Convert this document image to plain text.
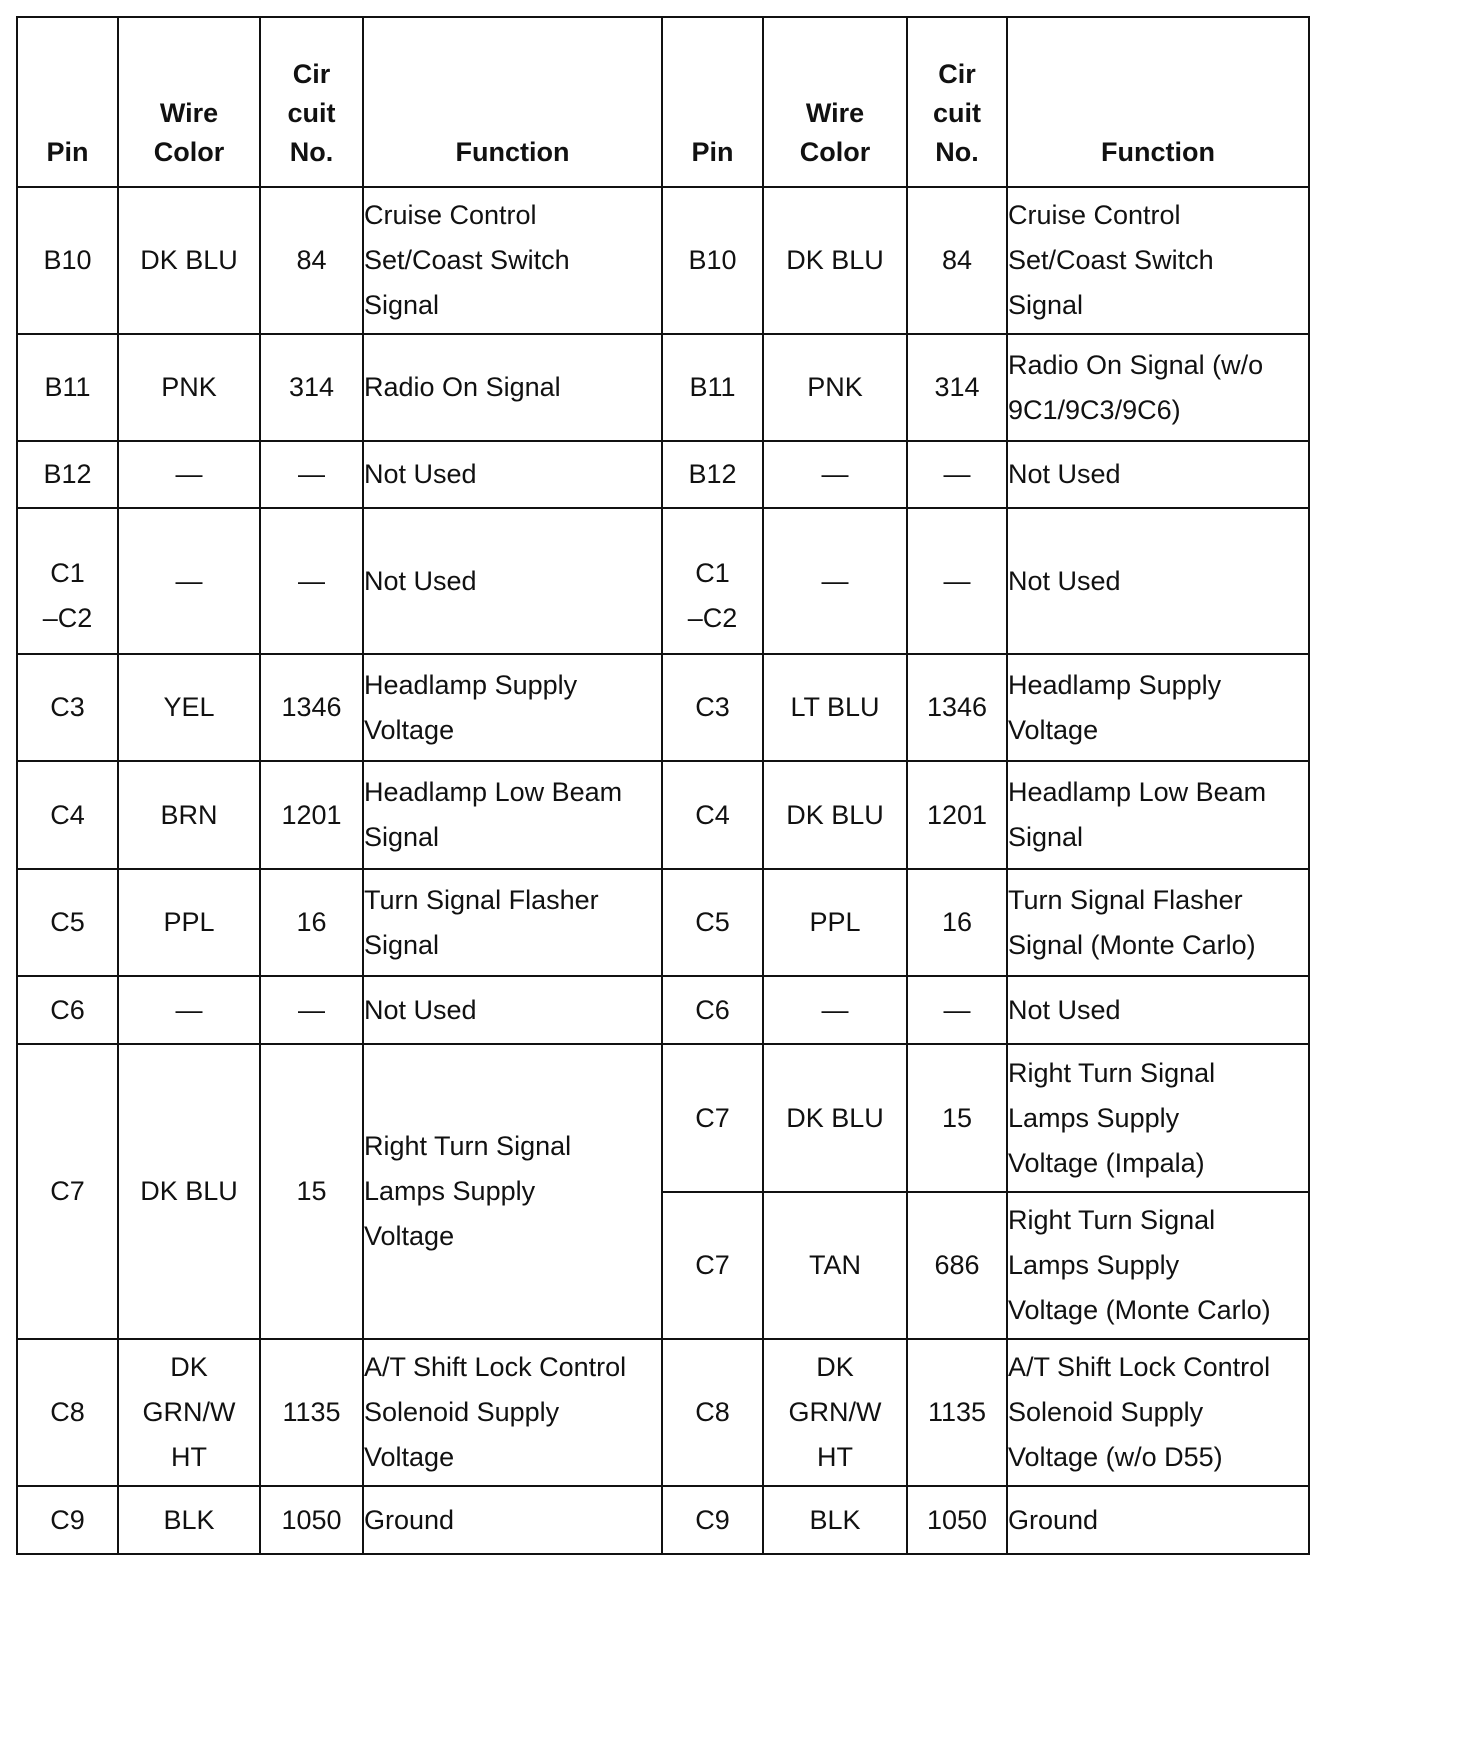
Pin	Wire
Color	Cir
cuit
No.	Function	Pin	Wire
Color	Cir
cuit
No.	Function

B10	DK BLU	84	Cruise Control
Set/Coast Switch
Signal	B10	DK BLU	84	Cruise Control
Set/Coast Switch
Signal

B11	PNK	314	Radio On Signal	B11	PNK	314	Radio On Signal (w/o
9C1/9C3/9C6)

B12	—	—	Not Used	B12	—	—	Not Used

C1
–C2	—	—	Not Used	C1
–C2	—	—	Not Used

C3	YEL	1346	Headlamp Supply
Voltage	C3	LT BLU	1346	Headlamp Supply
Voltage

C4	BRN	1201	Headlamp Low Beam
Signal	C4	DK BLU	1201	Headlamp Low Beam
Signal

C5	PPL	16	Turn Signal Flasher
Signal	C5	PPL	16	Turn Signal Flasher
Signal (Monte Carlo)

C6	—	—	Not Used	C6	—	—	Not Used

C7	DK BLU	15	Right Turn Signal
Lamps Supply
Voltage	C7	DK BLU	15	Right Turn Signal
Lamps Supply
Voltage (Impala)

				C7	TAN	686	Right Turn Signal
Lamps Supply
Voltage (Monte Carlo)

C8	DK
GRN/W
HT	1135	A/T Shift Lock Control
Solenoid Supply
Voltage	C8	DK
GRN/W
HT	1135	A/T Shift Lock Control
Solenoid Supply
Voltage (w/o D55)

C9	BLK	1050	Ground	C9	BLK	1050	Ground
